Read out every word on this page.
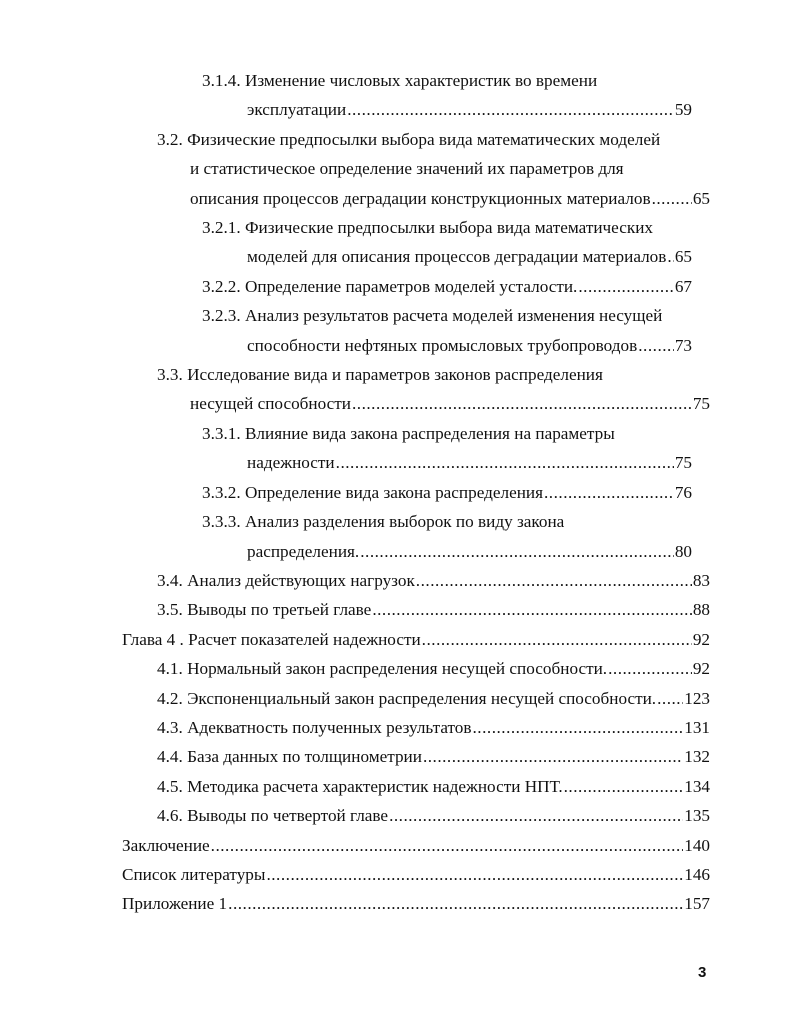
3.1.4. Изменение числовых характеристик во времени
эксплуатации .....	59
3.2. Физические предпосылки выбора вида математических моделей
и статистическое определение значений их параметров для
описания процессов деградации конструкционных материалов ..... 65
3.2.1. Физические предпосылки выбора вида математических
моделей для описания процессов деградации материалов ..... 65
3.2.2. Определение параметров моделей усталости. .....	67
3.2.3. Анализ результатов расчета моделей изменения несущей
способности нефтяных промысловых трубопроводов ..... 73
3.3. Исследование вида и параметров законов распределения
несущей способности .....	75
3.3.1. Влияние вида закона распределения на параметры
надежности .....	75
3.3.2. Определение вида закона распределения .....	76
3.3.3. Анализ разделения выборок по виду закона
распределения. .....	80
3.4. Анализ действующих нагрузок .....	83
3.5. Выводы по третьей главе .....	88
Глава 4 . Расчет показателей надежности .....	92
4.1. Нормальный закон распределения несущей способности. .....	92
4.2. Экспоненциальный закон распределения несущей способности. ..... 123
4.3. Адекватность полученных результатов .....	131
4.4. База данных по толщинометрии .....	132
4.5. Методика расчета характеристик надежности НПТ. .....	134
4.6. Выводы по четвертой главе .....	135
Заключение .....	140
Список литературы .....	146
Приложение 1 .....	157
3
